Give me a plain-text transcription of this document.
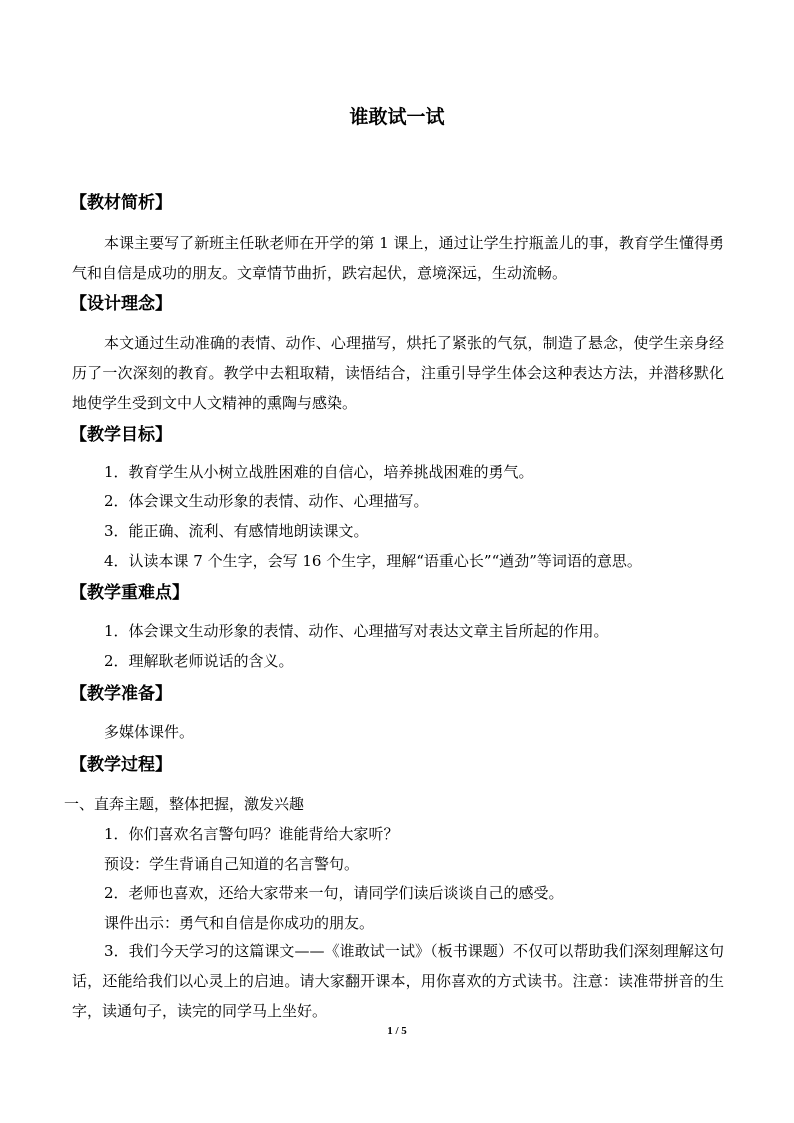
谁敢试一试
【教材简析】

本课主要写了新班主任耿老师在开学的第 1 课上，通过让学生拧瓶盖儿的事，教育学生懂得勇气和自信是成功的朋友。文章情节曲折，跌宕起伏，意境深远，生动流畅。

【设计理念】

本文通过生动准确的表情、动作、心理描写，烘托了紧张的气氛，制造了悬念，使学生亲身经历了一次深刻的教育。教学中去粗取精，读悟结合，注重引导学生体会这种表达方法，并潜移默化地使学生受到文中人文精神的熏陶与感染。

【教学目标】
1．教育学生从小树立战胜困难的自信心，培养挑战困难的勇气。
2．体会课文生动形象的表情、动作、心理描写。
3．能正确、流利、有感情地朗读课文。
4．认读本课 7 个生字，会写 16 个生字，理解“语重心长”“遒劲”等词语的意思。
【教学重难点】
1．体会课文生动形象的表情、动作、心理描写对表达文章主旨所起的作用。
2．理解耿老师说话的含义。
【教学准备】
多媒体课件。
【教学过程】
一、直奔主题，整体把握，激发兴趣
1．你们喜欢名言警句吗？谁能背给大家听？
预设：学生背诵自己知道的名言警句。
2．老师也喜欢，还给大家带来一句，请同学们读后谈谈自己的感受。
课件出示：勇气和自信是你成功的朋友。

3．我们今天学习的这篇课文——《谁敢试一试》（板书课题）不仅可以帮助我们深刻理解这句话，还能给我们以心灵上的启迪。请大家翻开课本，用你喜欢的方式读书。注意：读准带拼音的生字，读通句子，读完的同学马上坐好。

1 / 5
